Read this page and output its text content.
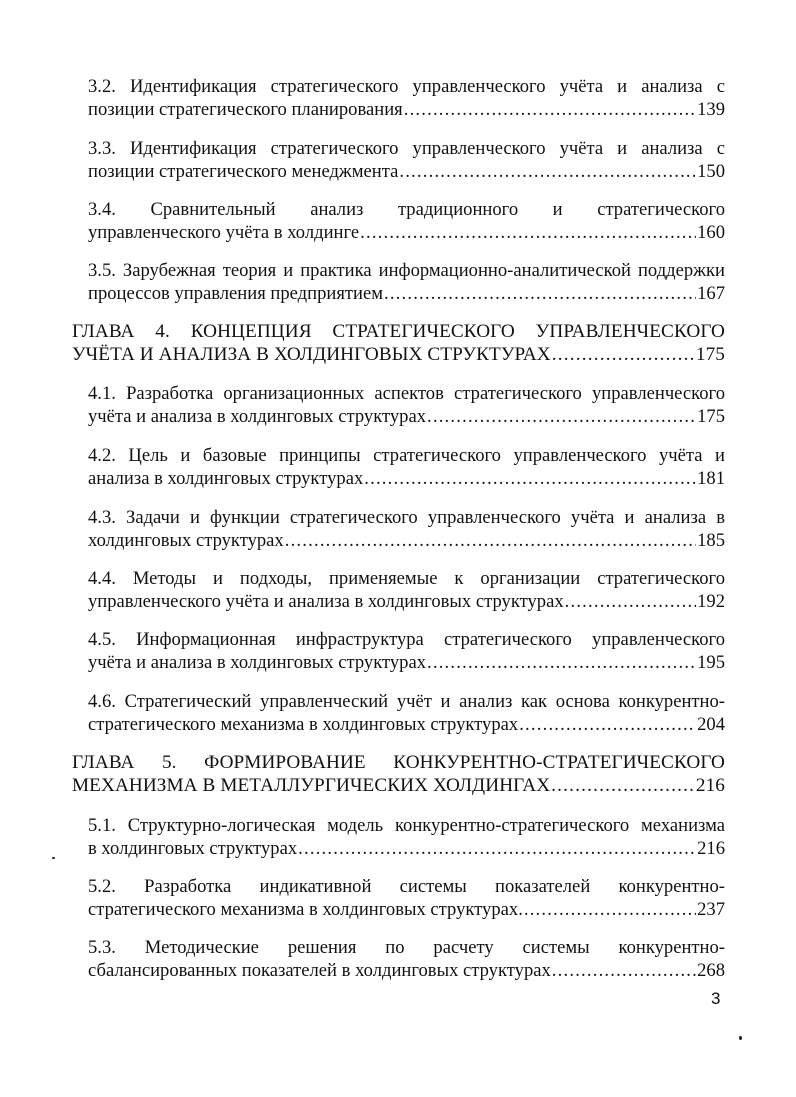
3.2. Идентификация стратегического управленческого учёта и анализа с
позиции стратегического планирования .....	139
3.3. Идентификация стратегического управленческого учёта и анализа с
позиции стратегического менеджмента .....	150
3.4. Сравнительный анализ традиционного и стратегического
управленческого учёта в холдинге .....	160
3.5. Зарубежная теория и практика информационно-аналитической поддержки
процессов управления предприятием .....	167
ГЛАВА 4. КОНЦЕПЦИЯ СТРАТЕГИЧЕСКОГО УПРАВЛЕНЧЕСКОГО
УЧЁТА И АНАЛИЗА В ХОЛДИНГОВЫХ СТРУКТУРАХ .....	175
4.1. Разработка организационных аспектов стратегического управленческого
учёта и анализа в холдинговых структурах .....	175
4.2. Цель и базовые принципы стратегического управленческого учёта и
анализа в холдинговых структурах .....	181
4.3. Задачи и функции стратегического управленческого учёта и анализа в
холдинговых структурах .....	185
4.4. Методы и подходы, применяемые к организации стратегического
управленческого учёта и анализа в холдинговых структурах .....	192
4.5. Информационная инфраструктура стратегического управленческого
учёта и анализа в холдинговых структурах .....	195
4.6. Стратегический управленческий учёт и анализ как основа конкурентно-
стратегического механизма в холдинговых структурах .....	204
ГЛАВА 5. ФОРМИРОВАНИЕ КОНКУРЕНТНО-СТРАТЕГИЧЕСКОГО
МЕХАНИЗМА В МЕТАЛЛУРГИЧЕСКИХ ХОЛДИНГАХ .....	216
5.1. Структурно-логическая модель конкурентно-стратегического механизма
в холдинговых структурах .....	216
5.2. Разработка индикативной системы показателей конкурентно-
стратегического механизма в холдинговых структурах. .....	237
5.3. Методические решения по расчету системы конкурентно-
сбалансированных показателей в холдинговых структурах .....	268
3
